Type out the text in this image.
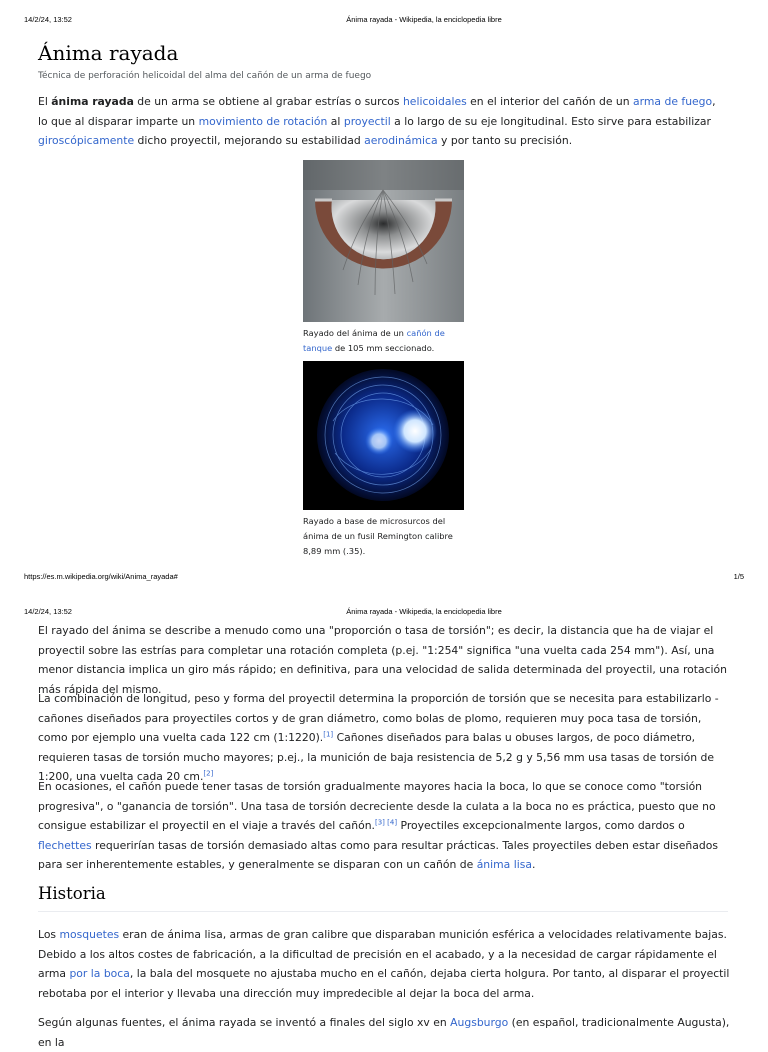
14/2/24, 13:52	Ánima rayada - Wikipedia, la enciclopedia libre
Ánima rayada
Técnica de perforación helicoidal del alma del cañón de un arma de fuego
El ánima rayada de un arma se obtiene al grabar estrías o surcos helicoidales en el interior del cañón de un arma de fuego, lo que al disparar imparte un movimiento de rotación al proyectil a lo largo de su eje longitudinal. Esto sirve para estabilizar giroscópicamente dicho proyectil, mejorando su estabilidad aerodinámica y por tanto su precisión.
Rayado del ánima de un cañón de tanque de 105 mm seccionado.
Rayado a base de microsurcos del ánima de un fusil Remington calibre 8,89 mm (.35).
https://es.m.wikipedia.org/wiki/Anima_rayada#	1/5
14/2/24, 13:52	Ánima rayada - Wikipedia, la enciclopedia libre
El rayado del ánima se describe a menudo como una "proporción o tasa de torsión"; es decir, la distancia que ha de viajar el proyectil sobre las estrías para completar una rotación completa (p.ej. "1:254" significa "una vuelta cada 254 mm"). Así, una menor distancia implica un giro más rápido; en definitiva, para una velocidad de salida determinada del proyectil, una rotación más rápida del mismo.
La combinación de longitud, peso y forma del proyectil determina la proporción de torsión que se necesita para estabilizarlo -cañones diseñados para proyectiles cortos y de gran diámetro, como bolas de plomo, requieren muy poca tasa de torsión, como por ejemplo una vuelta cada 122 cm (1:1220).[1] Cañones diseñados para balas u obuses largos, de poco diámetro, requieren tasas de torsión mucho mayores; p.ej., la munición de baja resistencia de 5,2 g y 5,56 mm usa tasas de torsión de 1:200, una vuelta cada 20 cm.[2]
En ocasiones, el cañón puede tener tasas de torsión gradualmente mayores hacia la boca, lo que se conoce como "torsión progresiva", o "ganancia de torsión". Una tasa de torsión decreciente desde la culata a la boca no es práctica, puesto que no consigue estabilizar el proyectil en el viaje a través del cañón.[3] [4] Proyectiles excepcionalmente largos, como dardos o flechettes requerirían tasas de torsión demasiado altas como para resultar prácticas. Tales proyectiles deben estar diseñados para ser inherentemente estables, y generalmente se disparan con un cañón de ánima lisa.
Historia
Los mosquetes eran de ánima lisa, armas de gran calibre que disparaban munición esférica a velocidades relativamente bajas. Debido a los altos costes de fabricación, a la dificultad de precisión en el acabado, y a la necesidad de cargar rápidamente el arma por la boca, la bala del mosquete no ajustaba mucho en el cañón, dejaba cierta holgura. Por tanto, al disparar el proyectil rebotaba por el interior y llevaba una dirección muy impredecible al dejar la boca del arma.
Según algunas fuentes, el ánima rayada se inventó a finales del siglo xv en Augsburgo (en español, tradicionalmente Augusta), en la
